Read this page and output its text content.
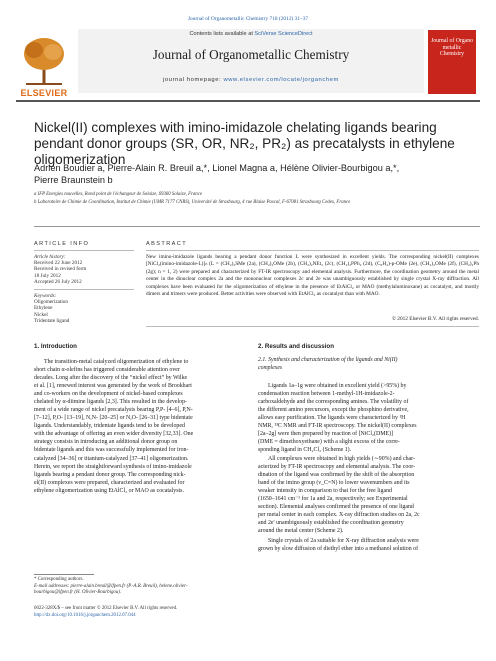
Journal of Organometallic Chemistry 718 (2012) 31–37
ELSEVIER
Contents lists available at SciVerse ScienceDirect
Journal of Organometallic Chemistry
journal homepage: www.elsevier.com/locate/jorganchem
Journal of Organo metallic Chemistry
Nickel(II) complexes with imino-imidazole chelating ligands bearing pendant donor groups (SR, OR, NR₂, PR₂) as precatalysts in ethylene oligomerization
Adrien Boudier a, Pierre-Alain R. Breuil a,*, Lionel Magna a, Hélène Olivier-Bourbigou a,*,
Pierre Braunstein b
a IFP Energies nouvelles, Rond point de l'échangeur de Solaize, 69360 Solaize, France
b Laboratoire de Chimie de Coordination, Institut de Chimie (UMR 7177 CNRS), Université de Strasbourg, 4 rue Blaise Pascal, F-67081 Strasbourg Cedex, France
ARTICLE INFO
Article history:
Received 22 June 2012
Received in revised form
18 July 2012
Accepted 26 July 2012
Keywords:
Oligomerization
Ethylene
Nickel
Tridentate ligand
ABSTRACT
New imino-imidazole ligands bearing a pendant donor function L were synthesized in excellent yields. The corresponding nickel(II) complexes [NiCl₂(imino-imidazole-L)]ₙ (L = (CH₂)₂SMe (2a), (CH₂)₂OMe (2b), (CH₂)₂NEt₂ (2c), (CH₂)₂PPh₂ (2d), (C₆H₄)-p-OMe (2e), (CH₂)₃OMe (2f), (CH₂)₂Ph (2g); n = 1, 2) were prepared and characterized by FT-IR spectroscopy and elemental analysis. Furthermore, the coordination geometry around the metal center in the dinuclear complex 2a and the mononuclear complexes 2c and 2e was unambiguously established by single crystal X-ray diffraction. All complexes have been evaluated for the oligomerization of ethylene in the presence of EtAlCl₂ or MAO (methylaluminoxane) as cocatalyst, and mostly dimers and trimers were produced. Better activities were observed with EtAlCl₂ as cocatalyst than with MAO.
© 2012 Elsevier B.V. All rights reserved.
1. Introduction
The transition-metal catalyzed oligomerization of ethylene to
short chain α-olefins has triggered considerable attention over
decades. Long after the discovery of the “nickel effect” by Wilke
et al. [1], renewed interest was generated by the work of Brookhart
and co-workers on the development of nickel-based complexes
chelated by α-diimine ligands [2,3]. This resulted in the develop-
ment of a wide range of nickel precatalysts bearing P,P- [4–6], P,N-
[7–12], P,O- [13–19], N,N- [20–25] or N,O- [26–31] type bidentate
ligands. Understandably, tridentate ligands tend to be developed
with the advantage of offering an even wider diversity [32,33]. One
strategy consists in introducing an additional donor group on
bidentate ligands and this was successfully implemented for iron-
catalyzed [34–36] or titanium-catalyzed [37–41] oligomerization.
Herein, we report the straightforward synthesis of imino-imidazole
ligands bearing a pendant donor group. The corresponding nick-
el(II) complexes were prepared, characterized and evaluated for
ethylene oligomerization using EtAlCl₂ or MAO as cocatalysts.
2. Results and discussion
2.1. Synthesis and characterization of the ligands and Ni(II)
complexes
Ligands 1a–1g were obtained in excellent yield (>95%) by
condensation reaction between 1-methyl-1H-imidazole-2-
carboxaldehyde and the corresponding amines. The volatility of
the different amino precursors, except the phosphino derivative,
allows easy purification. The ligands were characterized by ¹H
NMR, ¹³C NMR and FT-IR spectroscopy. The nickel(II) complexes
[2a–2g] were then prepared by reaction of [NiCl₂(DME)]
(DME = dimethoxyethane) with a slight excess of the corre-
sponding ligand in CH₂Cl₂ (Scheme 1).
All complexes were obtained in high yields (∼90%) and char-
acterized by FT-IR spectroscopy and elemental analysis. The coor-
dination of the ligand was confirmed by the shift of the absorption
band of the imino group (ν_C=N) to lower wavenumbers and its
weaker intensity in comparison to that for the free ligand
(1650–1641 cm⁻¹ for 1a and 2a, respectively; see Experimental
section). Elemental analyses confirmed the presence of one ligand
per metal center in each complex. X-ray diffraction studies on 2a, 2c
and 2e' unambiguously established the coordination geometry
around the metal center (Scheme 2).
Single crystals of 2a suitable for X-ray diffraction analysis were
grown by slow diffusion of diethyl ether into a methanol solution of
* Corresponding authors.
E-mail addresses: pierre-alain.breuil@ifpen.fr (P.-A.R. Breuil), helene.olivier-
bourbigou@ifpen.fr (H. Olivier-Bourbigou).
0022-328X/$ – see front matter © 2012 Elsevier B.V. All rights reserved.
http://dx.doi.org/10.1016/j.jorganchem.2012.07.044
